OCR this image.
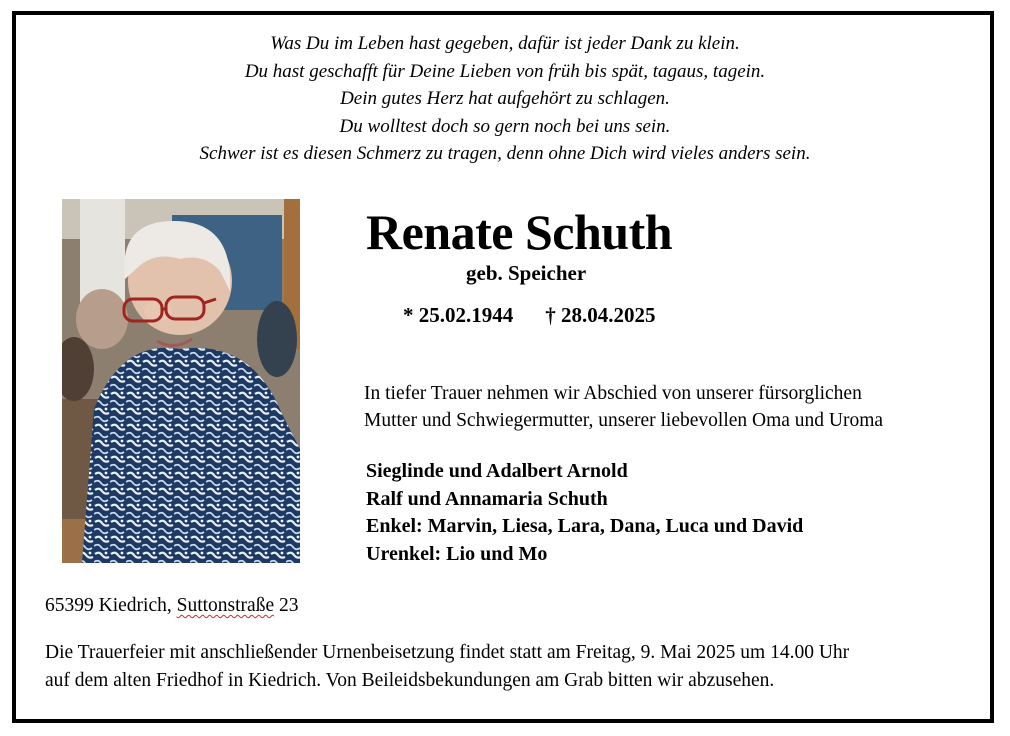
Was Du im Leben hast gegeben, dafür ist jeder Dank zu klein.
Du hast geschafft für Deine Lieben von früh bis spät, tagaus, tagein.
Dein gutes Herz hat aufgehört zu schlagen.
Du wolltest doch so gern noch bei uns sein.
Schwer ist es diesen Schmerz zu tragen, denn ohne Dich wird vieles anders sein.
Renate Schuth
geb. Speicher
* 25.02.1944 † 28.04.2025
In tiefer Trauer nehmen wir Abschied von unserer fürsorglichen
Mutter und Schwiegermutter, unserer liebevollen Oma und Uroma
Sieglinde und Adalbert Arnold
Ralf und Annamaria Schuth
Enkel: Marvin, Liesa, Lara, Dana, Luca und David
Urenkel: Lio und Mo
65399 Kiedrich, Suttonstraße 23
Die Trauerfeier mit anschließender Urnenbeisetzung findet statt am Freitag, 9. Mai 2025 um 14.00 Uhr
auf dem alten Friedhof in Kiedrich. Von Beileidsbekundungen am Grab bitten wir abzusehen.
